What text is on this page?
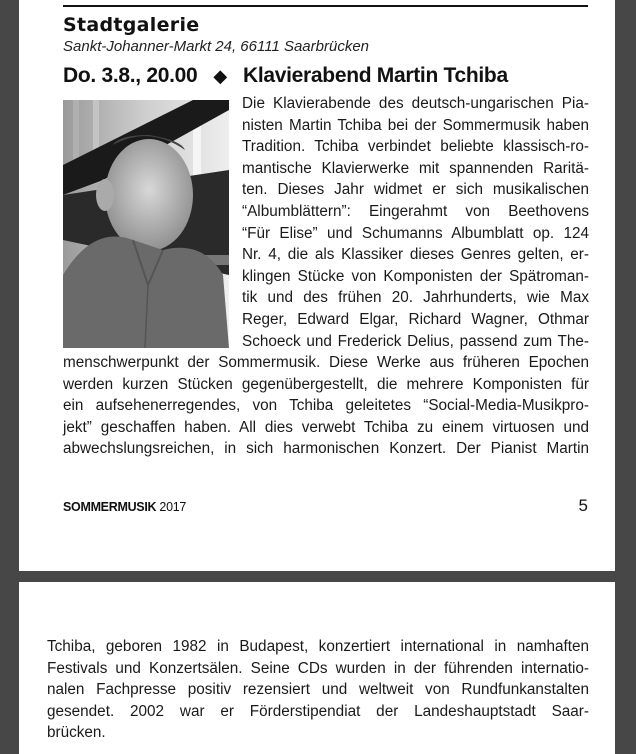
Stadtgalerie
Sankt-Johanner-Markt 24, 66111 Saarbrücken
Do. 3.8., 20.00 ◆ Klavierabend Martin Tchiba
Die Klavierabende des deutsch-ungarischen Pia-
nisten Martin Tchiba bei der Sommermusik haben
Tradition. Tchiba verbindet beliebte klassisch-ro-
mantische Klavierwerke mit spannenden Raritä-
ten. Dieses Jahr widmet er sich musikalischen
“Albumblättern”: Eingerahmt von Beethovens
“Für Elise” und Schumanns Albumblatt op. 124
Nr. 4, die als Klassiker dieses Genres gelten, er-
klingen Stücke von Komponisten der Spätroman-
tik und des frühen 20. Jahrhunderts, wie Max
Reger, Edward Elgar, Richard Wagner, Othmar
Schoeck und Frederick Delius, passend zum The-
menschwerpunkt der Sommermusik. Diese Werke aus früheren Epochen
werden kurzen Stücken gegenübergestellt, die mehrere Komponisten für
ein aufsehenerregendes, von Tchiba geleitetes “Social-Media-Musikpro-
jekt” geschaffen haben. All dies verwebt Tchiba zu einem virtuosen und
abwechslungsreichen, in sich harmonischen Konzert. Der Pianist Martin
SOMMERMUSIK 2017	5
Tchiba, geboren 1982 in Budapest, konzertiert international in namhaften
Festivals und Konzertsälen. Seine CDs wurden in der führenden internatio-
nalen Fachpresse positiv rezensiert und weltweit von Rundfunkanstalten
gesendet. 2002 war er Förderstipendiat der Landeshauptstadt Saar-
brücken.
